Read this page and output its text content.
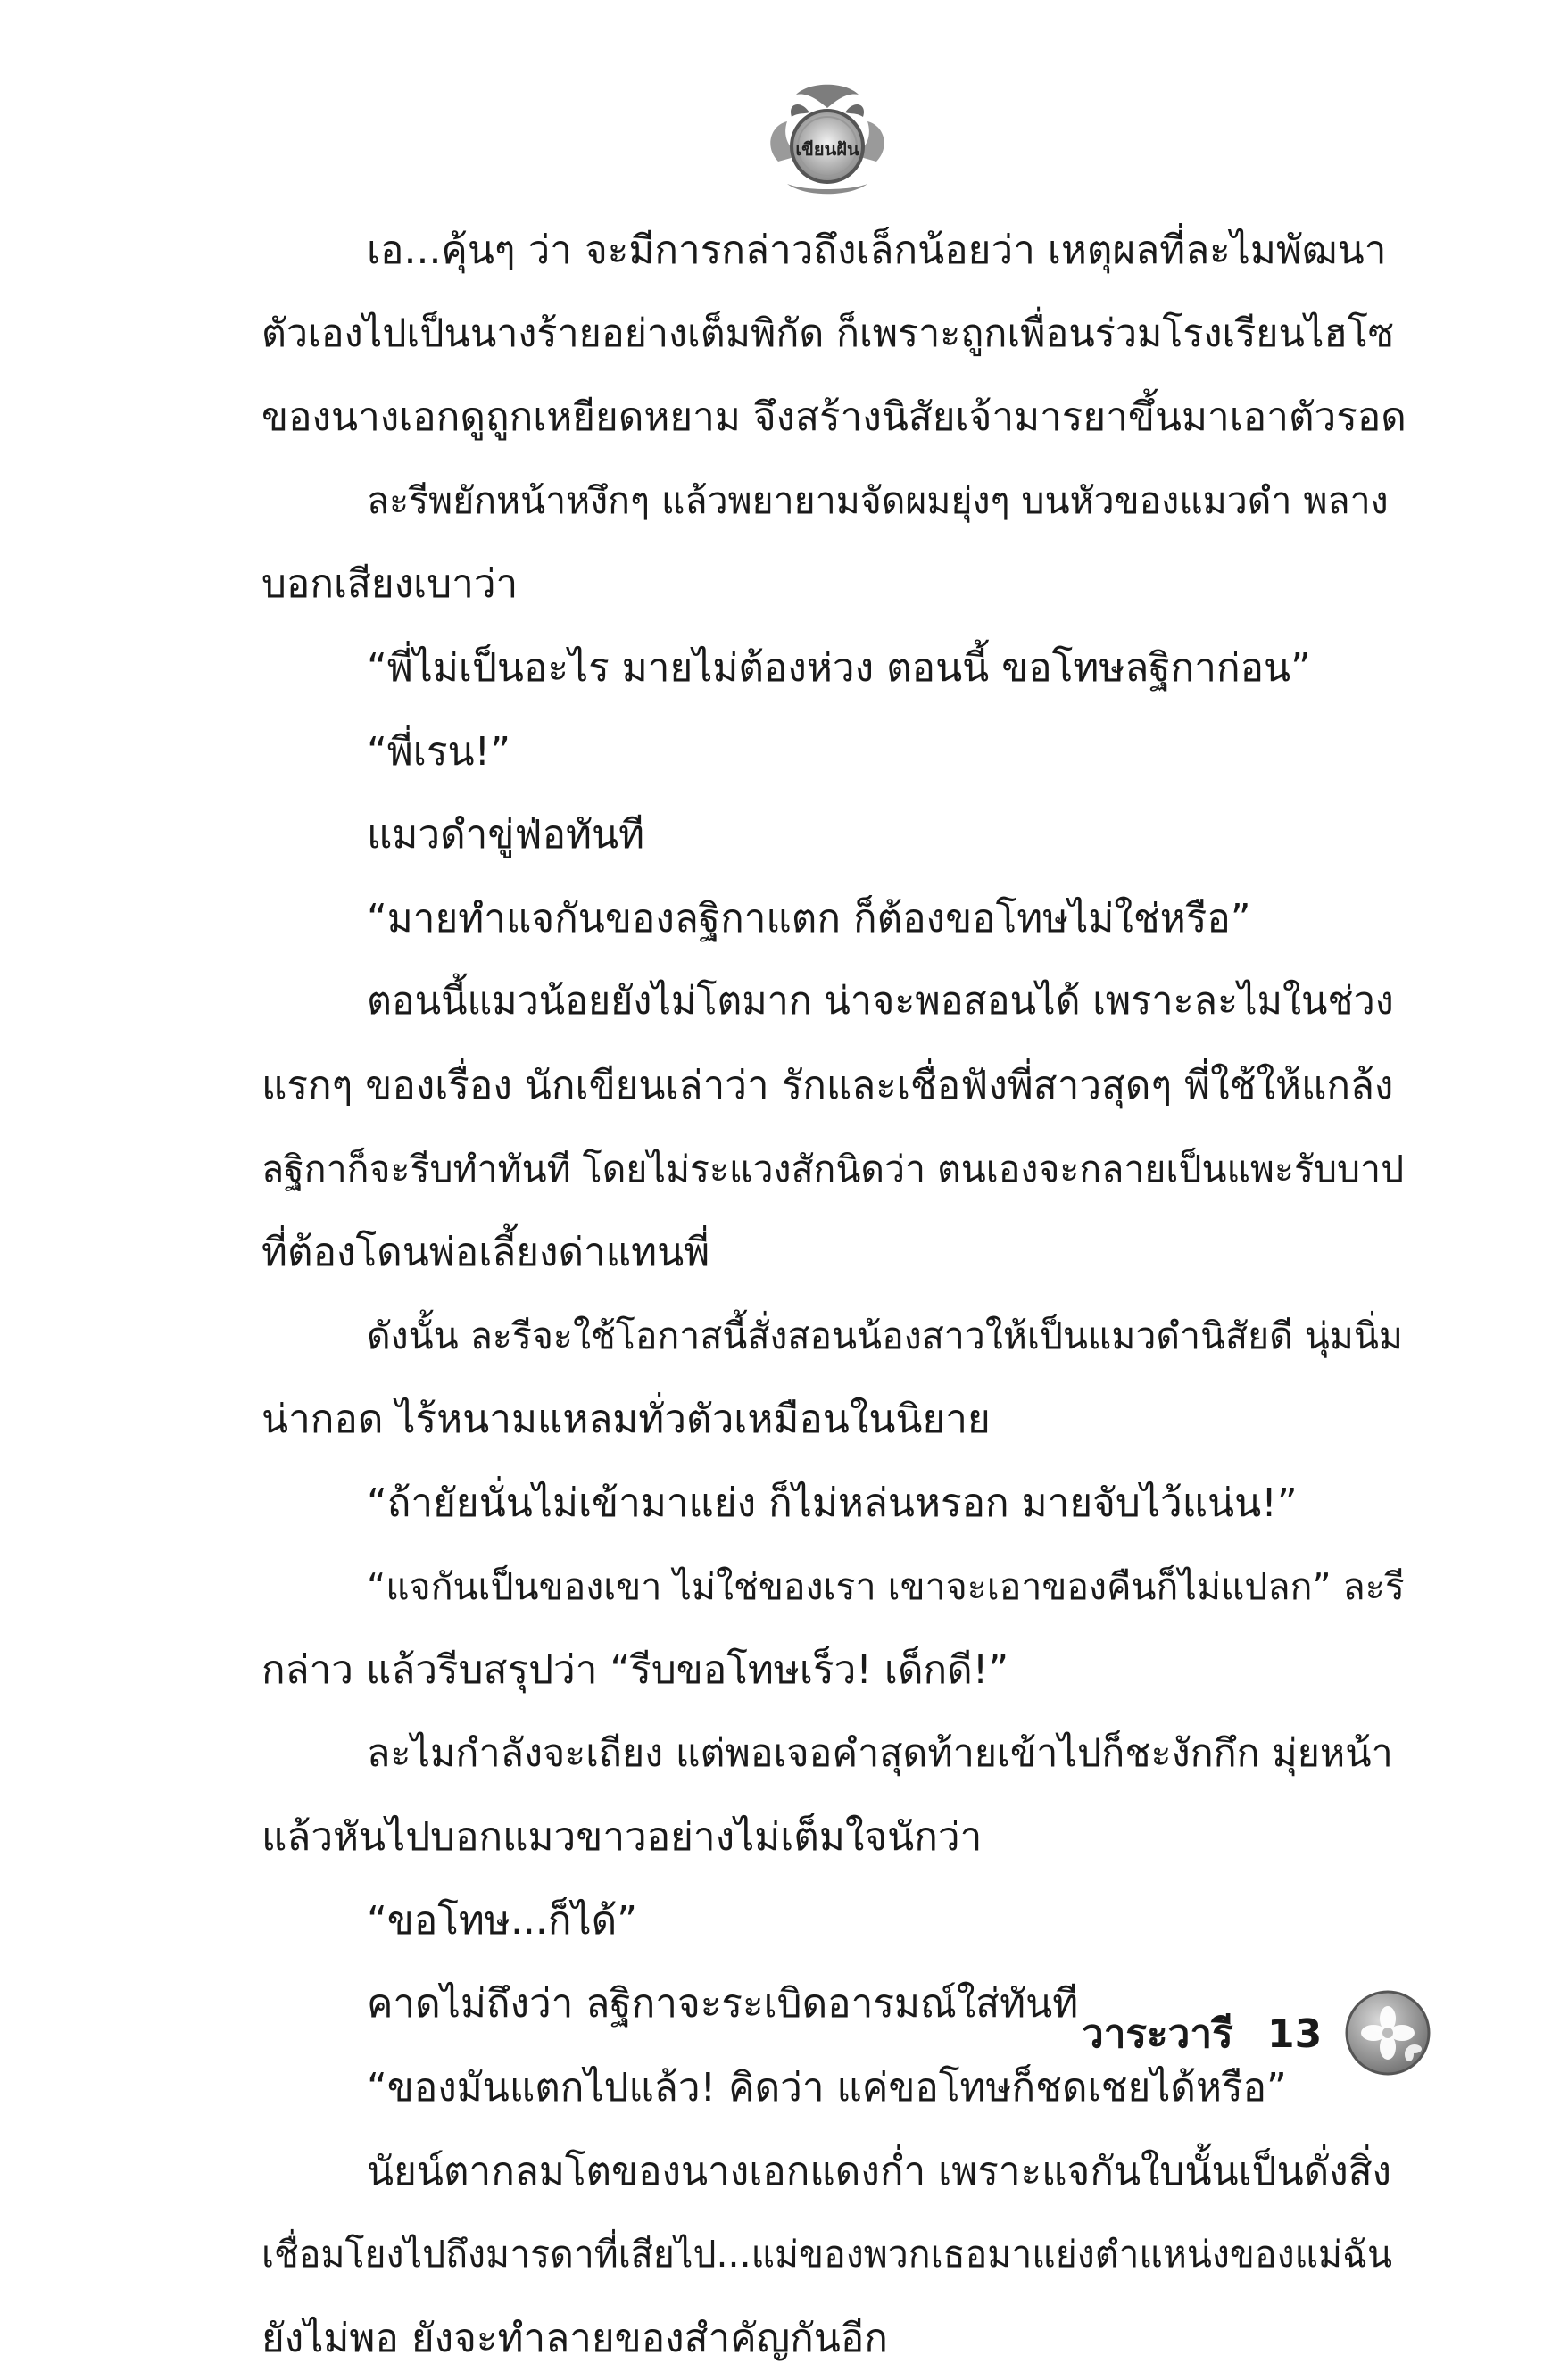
เขียนฝัน
เอ...คุ้นๆ ว่า จะมีการกล่าวถึงเล็กน้อยว่า เหตุผลที่ละไมพัฒนา
ตัวเองไปเป็นนางร้ายอย่างเต็มพิกัด ก็เพราะถูกเพื่อนร่วมโรงเรียนไฮโซ
ของนางเอกดูถูกเหยียดหยาม จึงสร้างนิสัยเจ้ามารยาขึ้นมาเอาตัวรอด
ละรีพยักหน้าหงึกๆ แล้วพยายามจัดผมยุ่งๆ บนหัวของแมวดำ พลาง
บอกเสียงเบาว่า
“พี่ไม่เป็นอะไร มายไม่ต้องห่วง ตอนนี้ ขอโทษลฐิกาก่อน”
“พี่เรน!”
แมวดำขู่ฟ่อทันที
“มายทำแจกันของลฐิกาแตก ก็ต้องขอโทษไม่ใช่หรือ”
ตอนนี้แมวน้อยยังไม่โตมาก น่าจะพอสอนได้ เพราะละไมในช่วง
แรกๆ ของเรื่อง นักเขียนเล่าว่า รักและเชื่อฟังพี่สาวสุดๆ พี่ใช้ให้แกล้ง
ลฐิกาก็จะรีบทำทันที โดยไม่ระแวงสักนิดว่า ตนเองจะกลายเป็นแพะรับบาป
ที่ต้องโดนพ่อเลี้ยงด่าแทนพี่
ดังนั้น ละรีจะใช้โอกาสนี้สั่งสอนน้องสาวให้เป็นแมวดำนิสัยดี นุ่มนิ่ม
น่ากอด ไร้หนามแหลมทั่วตัวเหมือนในนิยาย
“ถ้ายัยนั่นไม่เข้ามาแย่ง ก็ไม่หล่นหรอก มายจับไว้แน่น!”
“แจกันเป็นของเขา ไม่ใช่ของเรา เขาจะเอาของคืนก็ไม่แปลก” ละรี
กล่าว แล้วรีบสรุปว่า “รีบขอโทษเร็ว! เด็กดี!”
ละไมกำลังจะเถียง แต่พอเจอคำสุดท้ายเข้าไปก็ชะงักกึก มุ่ยหน้า
แล้วหันไปบอกแมวขาวอย่างไม่เต็มใจนักว่า
“ขอโทษ...ก็ได้”
คาดไม่ถึงว่า ลฐิกาจะระเบิดอารมณ์ใส่ทันที
“ของมันแตกไปแล้ว! คิดว่า แค่ขอโทษก็ชดเชยได้หรือ”
นัยน์ตากลมโตของนางเอกแดงก่ำ เพราะแจกันใบนั้นเป็นดั่งสิ่ง
เชื่อมโยงไปถึงมารดาที่เสียไป...แม่ของพวกเธอมาแย่งตำแหน่งของแม่ฉัน
ยังไม่พอ ยังจะทำลายของสำคัญกันอีก
วาระวารี 13
